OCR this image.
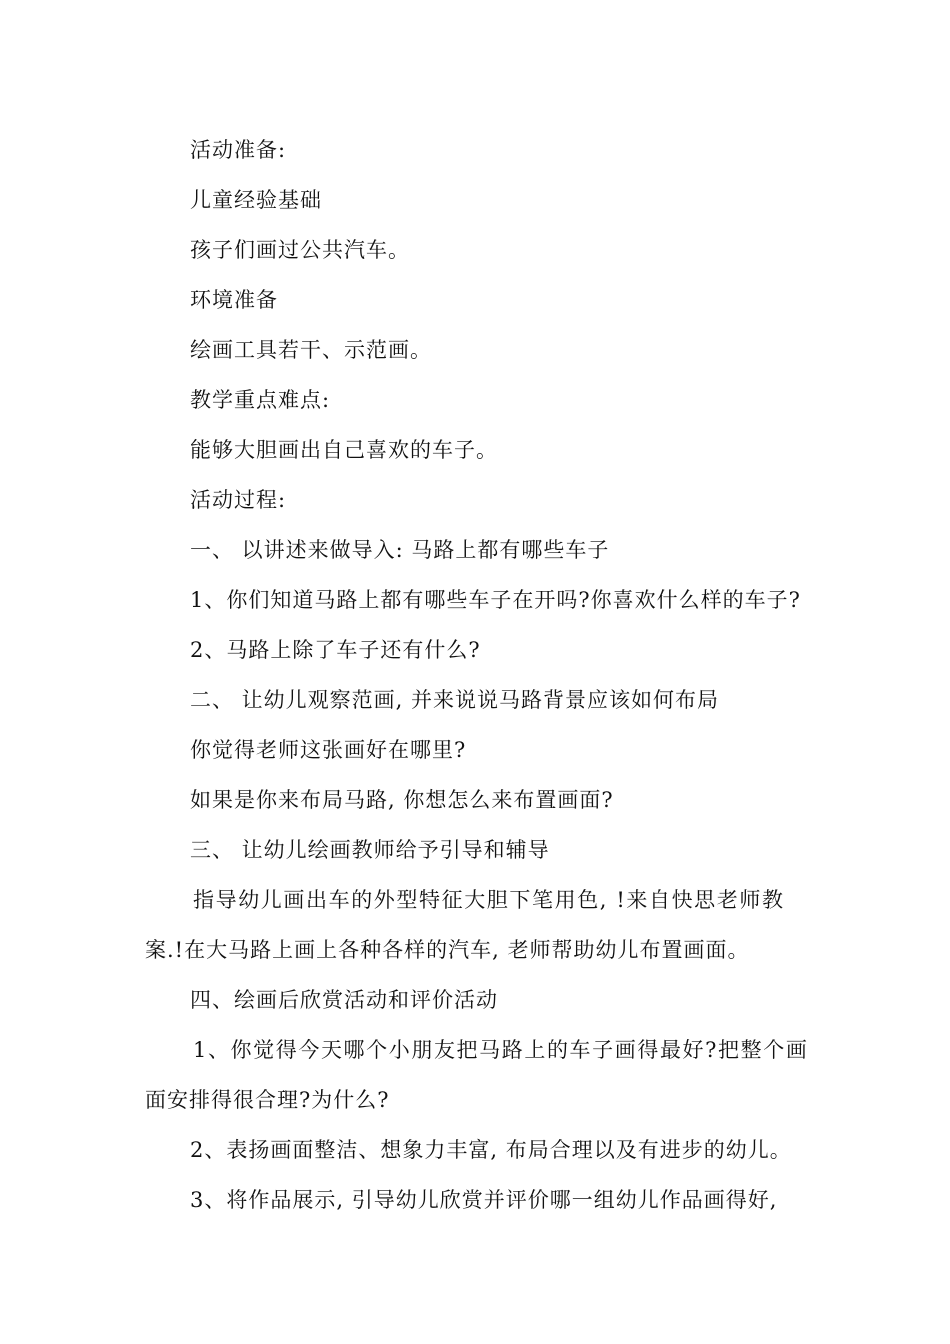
活动准备:
儿童经验基础
孩子们画过公共汽车。
环境准备
绘画工具若干、示范画。
教学重点难点:
能够大胆画出自己喜欢的车子。
活动过程:
一、 以讲述来做导入: 马路上都有哪些车子
1、你们知道马路上都有哪些车子在开吗?你喜欢什么样的车子?
2、马路上除了车子还有什么?
二、 让幼儿观察范画, 并来说说马路背景应该如何布局
你觉得老师这张画好在哪里?
如果是你来布局马路, 你想怎么来布置画面?
三、 让幼儿绘画教师给予引导和辅导
指导幼儿画出车的外型特征大胆下笔用色, !来自快思老师教
案.!在大马路上画上各种各样的汽车, 老师帮助幼儿布置画面。
四、绘画后欣赏活动和评价活动
1、你觉得今天哪个小朋友把马路上的车子画得最好?把整个画
面安排得很合理?为什么?
2、表扬画面整洁、想象力丰富, 布局合理以及有进步的幼儿。
3、将作品展示, 引导幼儿欣赏并评价哪一组幼儿作品画得好,
